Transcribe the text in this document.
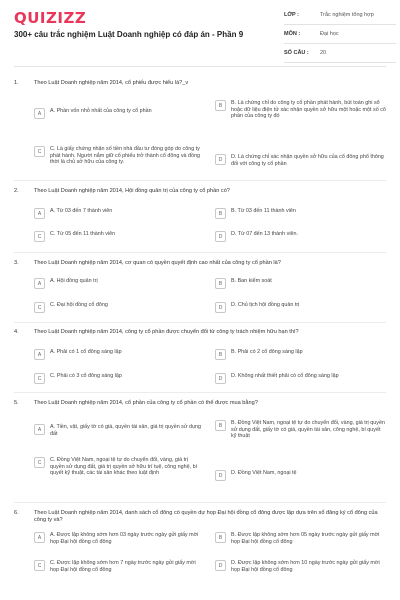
QUIZIZZ
300+ câu trắc nghiệm Luật Doanh nghiệp có đáp án - Phần 9
LỚP :	Trắc nghiệm tổng hợp
MÔN :	Đại học
SỐ CÂU :	20
1.	Theo Luật Doanh nghiệp năm 2014, cổ phiếu được hiểu là?_v
A	A. Phần vốn nhỏ nhất của công ty cổ phần
B	B. Là chứng chỉ do công ty cổ phần phát hành, bút toán ghi sổ hoặc dữ liệu điện tử xác nhận quyền sở hữu một hoặc một số cổ phần của công ty đó
C	C. Là giấy chứng nhận số tiền nhà đầu tư đóng góp do công ty phát hành. Người nắm giữ cổ phiếu trở thành cổ đông và đồng thời là chủ sở hữu của công ty.	D	D. Là chứng chỉ xác nhận quyền sở hữu của cổ đông phổ thông đối với công ty cổ phần
2.	Theo Luật Doanh nghiệp năm 2014, Hội đồng quản trị của công ty cổ phần có?
A	A. Từ 03 đến 7 thành viên	B	B. Từ 03 đến 11 thành viên
C	C. Từ 05 đến 11 thành viên	D	D. Từ 07 đến 13 thành viên.
3.	Theo Luật Doanh nghiệp năm 2014, cơ quan có quyền quyết định cao nhất của công ty cổ phần là?
A	A. Hội đồng quản trị	B	B. Ban kiểm soát
C	C. Đại hội đồng cổ đông	D	D. Chủ tịch hội đồng quản trị
4.	Theo Luật Doanh nghiệp năm 2014, công ty cổ phần được chuyển đổi từ công ty trách nhiệm hữu hạn thì?
A	A. Phải có 1 cổ đông sáng lập	B	B. Phải có 2 cổ đông sáng lập
C	C. Phải có 3 cổ đông sáng lập	D	D. Không nhất thiết phải có cổ đông sáng lập
5.	Theo Luật Doanh nghiệp năm 2014, cổ phần của công ty cổ phần có thể được mua bằng?
A	A. Tiền, vật, giấy tờ có giá, quyền tài sản, giá trị quyền sử dụng đất
B	B. Đồng Việt Nam, ngoại tệ tự do chuyển đổi, vàng, giá trị quyền sử dụng đất, giấy tờ có giá, quyền tài sản, công nghệ, bí quyết kỹ thuật
C	C. Đồng Việt Nam, ngoại tệ tự do chuyển đổi, vàng, giá trị quyền sử dụng đất, giá trị quyền sở hữu trí tuệ, công nghệ, bí quyết kỹ thuật, các tài sản khác theo luật định	D	D. Đồng Việt Nam, ngoại tệ
6.	Theo Luật Doanh nghiệp năm 2014, danh sách cổ đông có quyền dự họp Đại hội đồng cổ đông được lập dựa trên sổ đăng ký cổ đông của công ty và?
A	A. Được lập không sớm hơn 03 ngày trước ngày gửi giấy mời họp Đại hội đồng cổ đông
B	B. Được lập không sớm hơn 05 ngày trước ngày gửi giấy mời họp Đại hội đồng cổ đông
C	C. Được lập không sớm hơn 7 ngày trước ngày gửi giấy mời họp Đại hội đồng cổ đông
D	D. Được lập không sớm hơn 10 ngày trước ngày gửi giấy mời họp Đại hội đồng cổ đông
